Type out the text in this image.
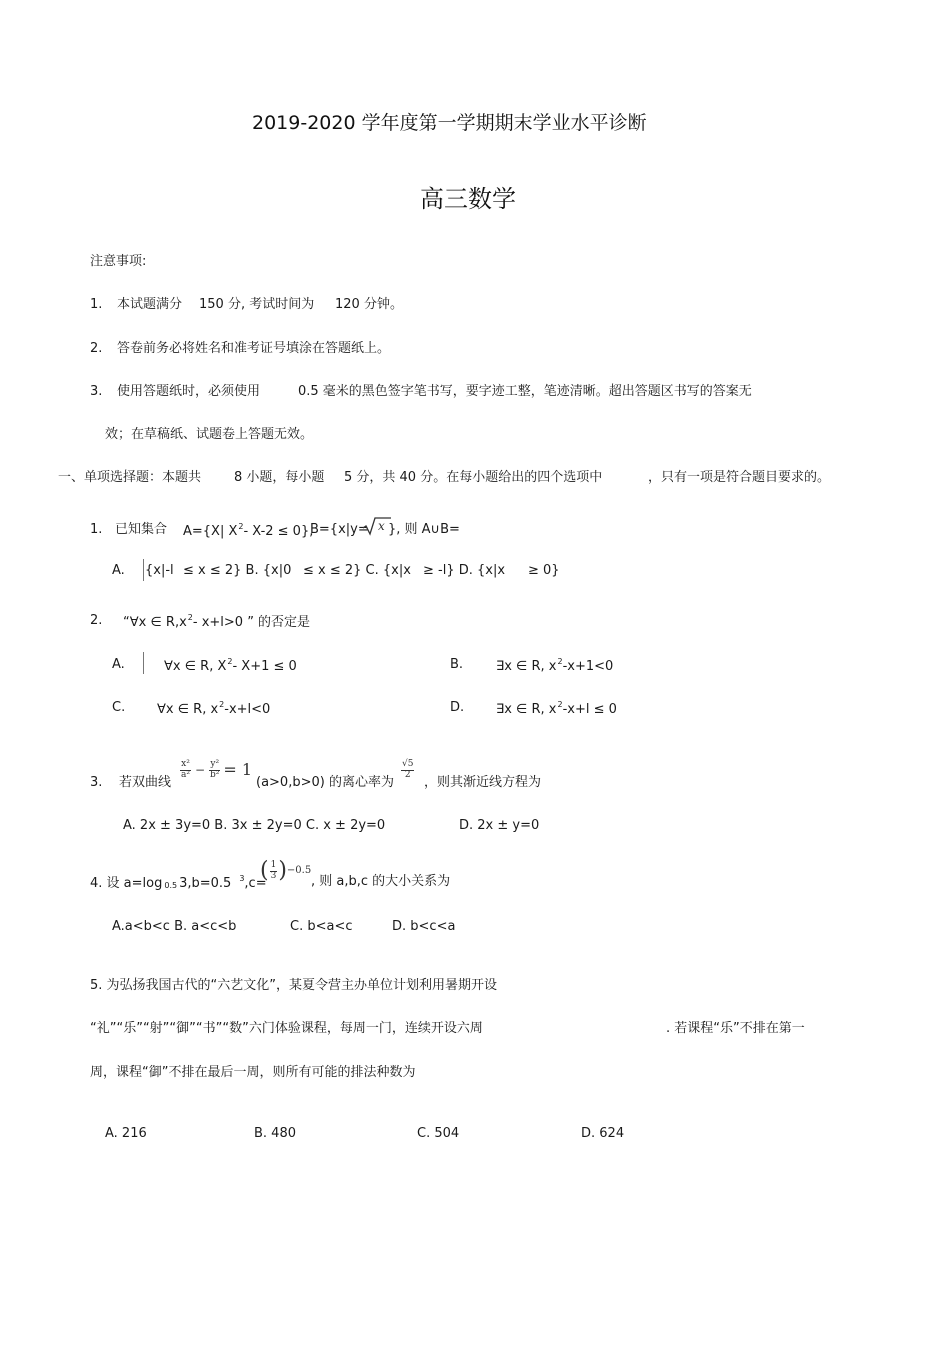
2019-2020 学年度第一学期期末学业水平诊断
高三数学
注意事项:
1. 本试题满分 150 分, 考试时间为 120 分钟。
2. 答卷前务必将姓名和准考证号填涂在答题纸上。
3. 使用答题纸时，必须使用	0.5 毫米的黑色签字笔书写，要字迹工整，笔迹清晰。超出答题区书写的答案无
效；在草稿纸、试题卷上答题无效。
一、单项选择题：本题共	8 小题，每小题 5 分，共 40 分。在每小题给出的四个选项中	，只有一项是符合题目要求的。
1. 已知集合 A={X| $X^2-$ X-2 ≤ 0},
B={x|y= x }, 则 A∪B=
A. {x|-l ≤ x ≤ 2} B. {x|0 ≤ x ≤ 2} C. {x|x ≥ -l} D. {x|x ≥ 0}
2. “∀x ∈ $R,x^2-$ x+l>0 ” 的否定是
A.	∀x ∈ R, $X^2-$ X+1 ≤ 0	B.	∃x ∈ R, $x^2-x+1<0$
C. ∀x ∈ R, $x^2-x+l<0$	D. ∃x ∈ R, $x^2-x+l \le 0$
3. 若双曲线
$\frac{\text{x²}}{\text{a²}} - \frac{\text{y²}}{\text{b²}} = 1$
(a>0,b>0) 的离心率为
$\frac{√5}{2}$
，则其渐近线方程为
A. 2x ± 3y=0 B. 3x ± 2y=0 C. x ± 2y=0	D. 2x ± y=0
4. 设 a=log $_{0.5}$ 3,b=0.5 $^3$,c=
( $\frac{1}{3}$ ) −0.5
, 则 a,b,c 的大小关系为
A.a<b<c B. a<c<b	C. b<a<c	D. b<c<a
5. 为弘扬我国古代的“六艺文化”，某夏令营主办单位计划利用暑期开设
“礼”“乐”“射”“御”“书”“数”六门体验课程，每周一门，连续开设六周	. 若课程“乐”不排在第一
周，课程“御”不排在最后一周，则所有可能的排法种数为
A. 216	B. 480	C. 504	D. 624
